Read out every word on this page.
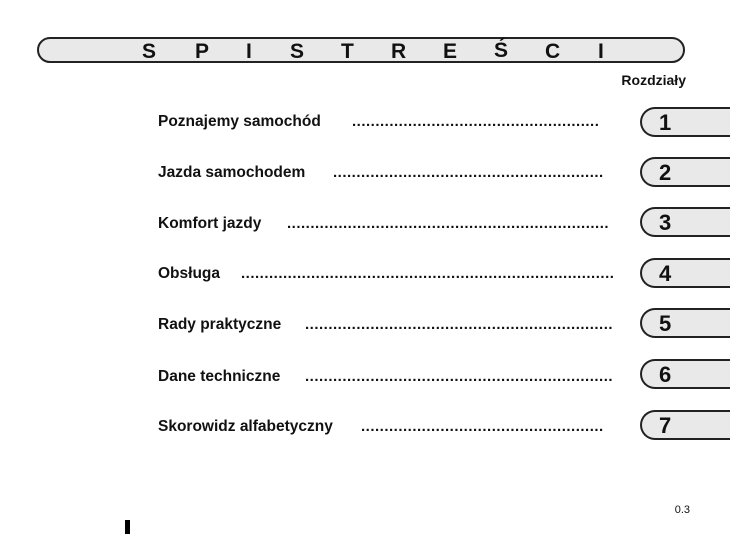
S P I S T R E Ś C I
Rozdziały
.....................................................
Poznajemy samochód	1
..........................................................
Jazda samochodem	2
.....................................................................
Komfort jazdy	3
................................................................................
Obsługa	4
..................................................................
Rady praktyczne	5
..................................................................
Dane techniczne	6
....................................................
Skorowidz alfabetyczny	7
0.3
